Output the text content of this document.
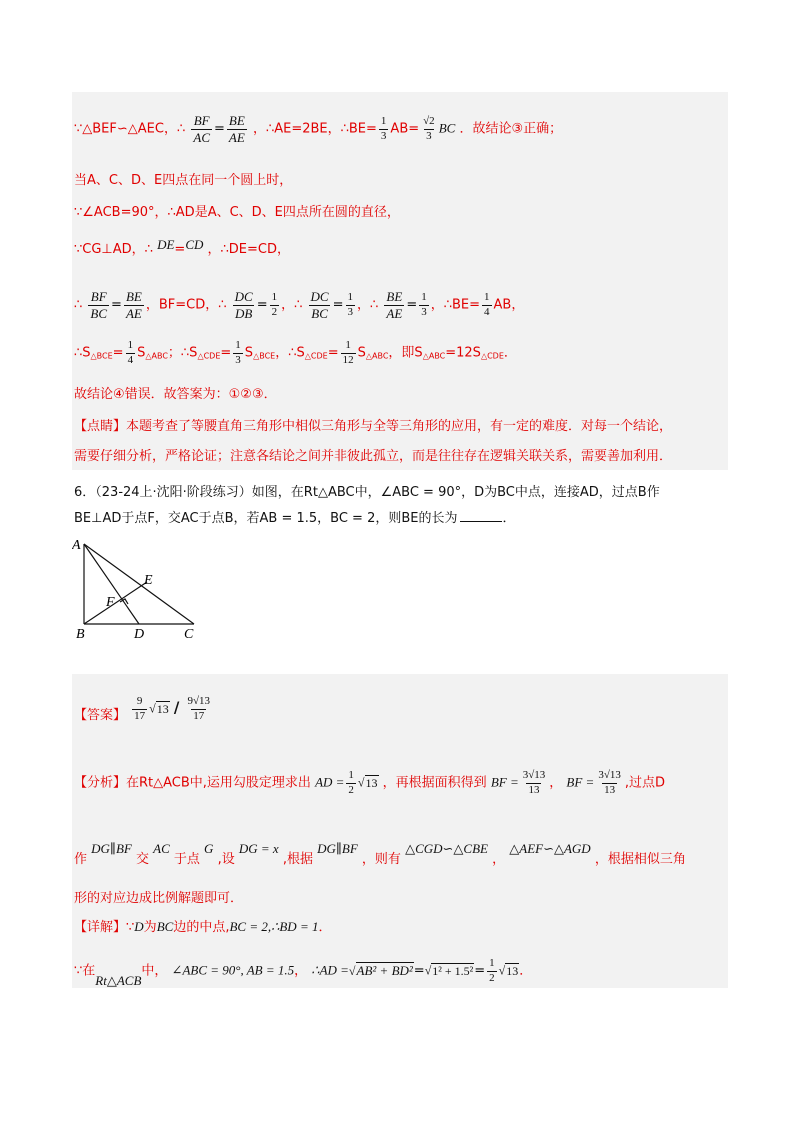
∵△BEF∽△AEC，∴ $\frac{BF}{AC} = \frac{BE}{AE}$ ，∴AE=2BE，∴BE= $\frac{1}{3} AB= \frac{√2}{3}$ BC ．故结论③正确；
当A、C、D、E四点在同一个圆上时，
∵∠ACB=90°，∴AD是A、C、D、E四点所在圆的直径，
∵CG⊥AD，∴ DE=CD ，∴DE=CD，
∴ $\frac{BF}{BC} = \frac{BE}{AE}$ ，BF=CD，∴ $\frac{DC}{DB} = \frac{1}{2}$ ，∴ $\frac{DC}{BC} = \frac{1}{3}$ ，∴ $\frac{BE}{AE} = \frac{1}{3}$ ，∴BE= $\frac{1}{4}$ AB，
$\therefore S_{\triangle BCE}= \frac{1}{4} S_{\triangle ABC}$；$\therefore S_{\triangle CDE}= \frac{1}{3} S_{\triangle BCE}$，$\therefore S_{\triangle CDE}= \frac{1}{12} S_{\triangle ABC}$，即$S_{\triangle ABC}=12S_{\triangle CDE}$．
故结论④错误．故答案为：①②③．
【点睛】本题考查了等腰直角三角形中相似三角形与全等三角形的应用，有一定的难度．对每一个结论，
需要仔细分析，严格论证；注意各结论之间并非彼此孤立，而是往往存在逻辑关联关系，需要善加利用．
6．（23-24上·沈阳·阶段练习）如图，在Rt△ABC中，∠ABC = 90°，D为BC中点，连接AD，过点B作
BE⊥AD于点F，交AC于点B，若AB = 1.5，BC = 2，则BE的长为	．
A
B	C
D
E
F
【答案】 $\frac{9}{17} √13 / \frac{9√13}{17}$
【分析】在Rt△ACB中,运用勾股定理求出 AD = $\frac{1}{2} √13$ ，再根据面积得到 BF = $\frac{3√13}{13}$ ， BF = $\frac{3√13}{13}$ ,过点D
作 DG∥BF 交 AC 于点 G ,设 DG = x ,根据 DG∥BF ，则有 △CGD∽△CBE ， △AEF∽△AGD ，根据相似三角
形的对应边成比例解题即可．
【详解】∵D为BC边的中点,BC = 2,∴BD = 1．
∵在Rt△ACB中， ∠ABC = 90°, AB = 1.5， ∴AD $=√AB^2 + BD^2=√1^2 + 1.5^2= \frac{1}{2} √13$．
